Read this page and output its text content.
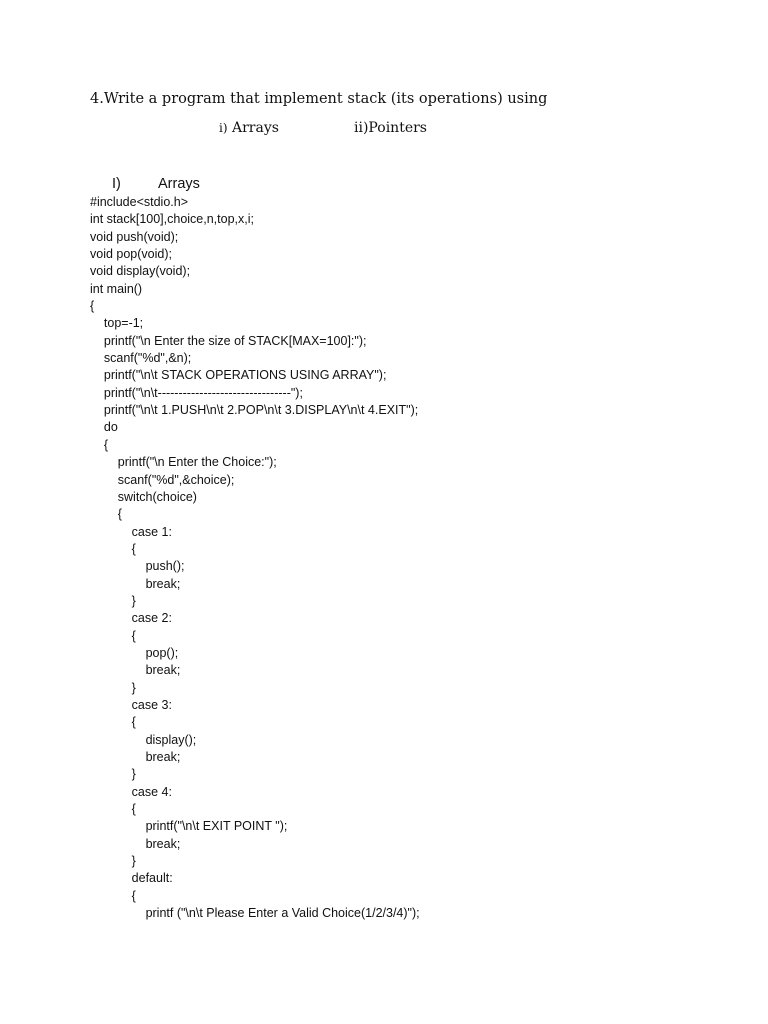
4.Write a program that implement stack (its operations) using
i) Arrays	ii)Pointers
I)	Arrays
#include<stdio.h>
int stack[100],choice,n,top,x,i;
void push(void);
void pop(void);
void display(void);
int main()
{
top=-1;
printf("\n Enter the size of STACK[MAX=100]:");
scanf("%d",&n);
printf("\n\t STACK OPERATIONS USING ARRAY");
printf("\n\t--------------------------------");
printf("\n\t 1.PUSH\n\t 2.POP\n\t 3.DISPLAY\n\t 4.EXIT");
do
{
printf("\n Enter the Choice:");
scanf("%d",&choice);
switch(choice)
{
case 1:
{
push();
break;
}
case 2:
{
pop();
break;
}
case 3:
{
display();
break;
}
case 4:
{
printf("\n\t EXIT POINT ");
break;
}
default:
{
printf ("\n\t Please Enter a Valid Choice(1/2/3/4)");
